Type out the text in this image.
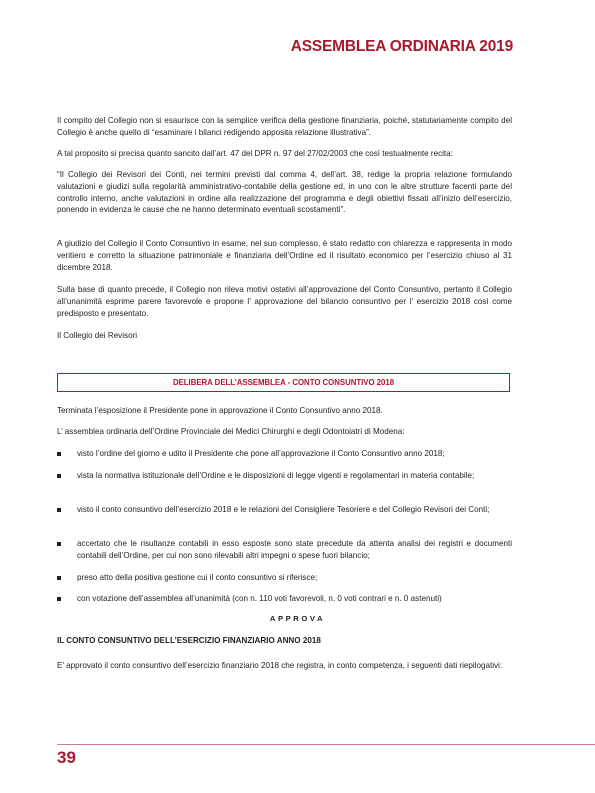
ASSEMBLEA ORDINARIA 2019

Il compito del Collegio non si esaurisce con la semplice verifica della gestione finanziaria, poiché, statutariamente compito del Collegio è anche quello di “esaminare i bilanci redigendo apposita relazione illustrativa”.

A tal proposito si precisa quanto sancito dall’art. 47 del DPR n. 97 del 27/02/2003 che così testualmente recita:

“Il Collegio dei Revisori dei Conti, nei termini previsti dal comma 4, dell’art. 38, redige la propria relazione formulando valutazioni e giudizi sulla regolarità amministrativo-contabile della gestione ed, in uno con le altre strutture facenti parte del controllo interno, anche valutazioni in ordine alla realizzazione del programma e degli obiettivi fissati all’inizio dell’esercizio, ponendo in evidenza le cause che ne hanno determinato eventuali scostamenti”.

A giudizio del Collegio il Conto Consuntivo in esame, nel suo complesso, è stato redatto con chiarezza e rappresenta in modo veritiero e corretto la situazione patrimoniale e finanziaria dell’Ordine ed il risultato economico per l’esercizio chiuso al 31 dicembre 2018.

Sulla base di quanto precede, il Collegio non rileva motivi ostativi all’approvazione del Conto Consuntivo, pertanto il Collegio all’unanimità esprime parere favorevole e propone l’ approvazione del bilancio consuntivo per l’ esercizio 2018 così come predisposto e presentato.

Il Collegio dei Revisori

DELIBERA DELL’ASSEMBLEA - CONTO CONSUNTIVO 2018

Terminata l’esposizione il Presidente pone in approvazione il Conto Consuntivo anno 2018.

L’ assemblea ordinaria dell’Ordine Provinciale dei Medici Chirurghi e degli Odontoiatri di Modena:

visto l’ordine del giorno e udito il Presidente che pone all’approvazione il Conto Consuntivo anno 2018;
vista la normativa istituzionale dell’Ordine e le disposizioni di legge vigenti e regolamentari in materia contabile;
visto il conto consuntivo dell’esercizio 2018 e le relazioni del Consigliere Tesoriere e del Collegio Revisori dei Conti;
accertato che le risultanze contabili in esso esposte sono state precedute da attenta analisi dei registri e documenti contabili dell’Ordine, per cui non sono rilevabili altri impegni o spese fuori bilancio;
preso atto della positiva gestione cui il conto consuntivo si riferisce;
con votazione dell’assemblea all’unanimità (con n. 110 voti favorevoli, n. 0 voti contrari e n. 0 astenuti)
APPROVA
IL CONTO CONSUNTIVO DELL’ESERCIZIO FINANZIARIO ANNO 2018

E’ approvato il conto consuntivo dell’esercizio finanziario 2018 che registra, in conto competenza, i seguenti dati riepilogativi:

39
